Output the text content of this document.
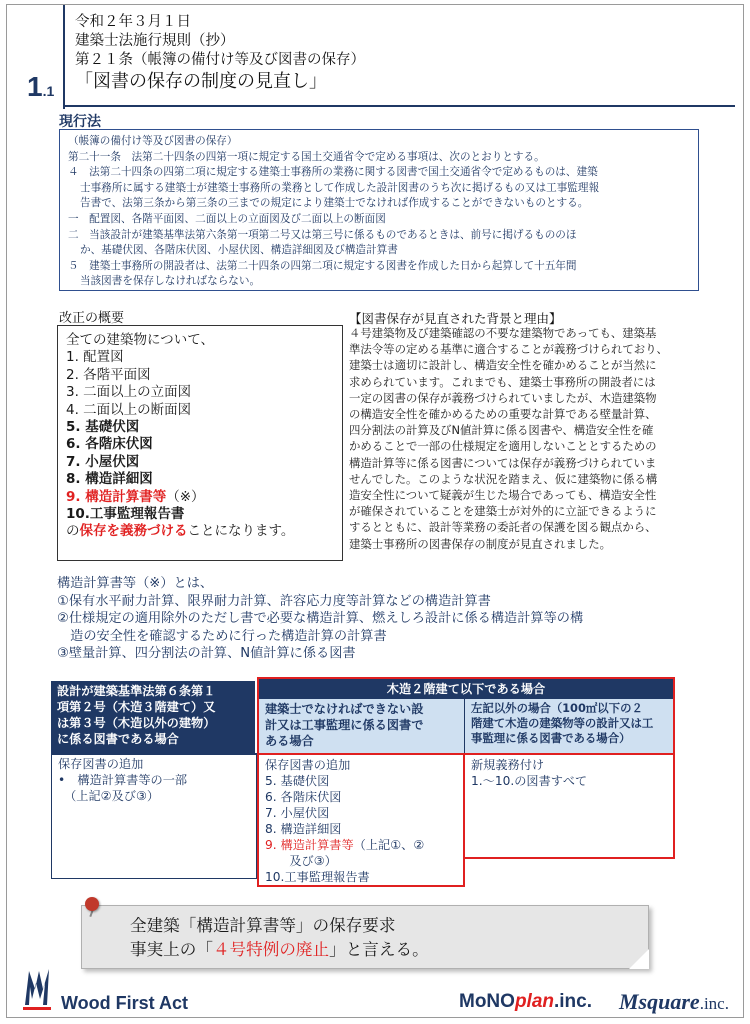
1.1

令和２年３月１日

建築士法施行規則（抄）

第２１条（帳簿の備付け等及び図書の保存）

「図書の保存の制度の見直し」

現行法

（帳簿の備付け等及び図書の保存）

第二十一条　法第二十四条の四第一項に規定する国土交通省令で定める事項は、次のとおりとする。

４　法第二十四条の四第二項に規定する建築士事務所の業務に関する図書で国土交通省令で定めるものは、建築

士事務所に属する建築士が建築士事務所の業務として作成した設計図書のうち次に掲げるもの又は工事監理報

告書で、法第三条から第三条の三までの規定により建築士でなければ作成することができないものとする。

一　配置図、各階平面図、二面以上の立面図及び二面以上の断面図

二　当該設計が建築基準法第六条第一項第二号又は第三号に係るものであるときは、前号に掲げるもののほ

か、基礎伏図、各階床伏図、小屋伏図、構造詳細図及び構造計算書

５　建築士事務所の開設者は、法第二十四条の四第二項に規定する図書を作成した日から起算して十五年間

当該図書を保存しなければならない。

改正の概要

全ての建築物について、

1. 配置図

2. 各階平面図

3. 二面以上の立面図

4. 二面以上の断面図

5. 基礎伏図

6. 各階床伏図

7. 小屋伏図

8. 構造詳細図

9. 構造計算書等（※）

10.工事監理報告書

の保存を義務づけることになります。

【図書保存が見直された背景と理由】

４号建築物及び建築確認の不要な建築物であっても、建築基

準法令等の定める基準に適合することが義務づけられており、

建築士は適切に設計し、構造安全性を確かめることが当然に

求められています。これまでも、建築士事務所の開設者には

一定の図書の保存が義務づけられていましたが、木造建築物

の構造安全性を確かめるための重要な計算である壁量計算、

四分割法の計算及びN値計算に係る図書や、構造安全性を確

かめることで一部の仕様規定を適用しないこととするための

構造計算等に係る図書については保存が義務づけられていま

せんでした。このような状況を踏まえ、仮に建築物に係る構

造安全性について疑義が生じた場合であっても、構造安全性

が確保されていることを建築士が対外的に立証できるように

するとともに、設計等業務の委託者の保護を図る観点から、

建築士事務所の図書保存の制度が見直されました。

構造計算書等（※）とは、

①保有水平耐力計算、限界耐力計算、許容応力度等計算などの構造計算書

②仕様規定の適用除外のただし書で必要な構造計算、燃えしろ設計に係る構造計算等の構

　造の安全性を確認するために行った構造計算の計算書

③壁量計算、四分割法の計算、N値計算に係る図書

設計が建築基準法第６条第１

項第２号（木造３階建て）又

は第３号（木造以外の建物）

に係る図書である場合

木造２階建て以下である場合

建築士でなければできない設

計又は工事監理に係る図書で

ある場合

左記以外の場合（100㎡以下の２

階建て木造の建築物等の設計又は工

事監理に係る図書である場合）

保存図書の追加

•　構造計算書等の一部

　（上記②及び③）

保存図書の追加

5. 基礎伏図

6. 各階床伏図

7. 小屋伏図

8. 構造詳細図

9. 構造計算書等（上記①、②

　　及び③）

10.工事監理報告書

新規義務付け

1.～10.の図書すべて

全建築「構造計算書等」の保存要求

事実上の「４号特例の廃止」と言える。

Wood First Act	MoNOplan.inc. Msquare.inc.
